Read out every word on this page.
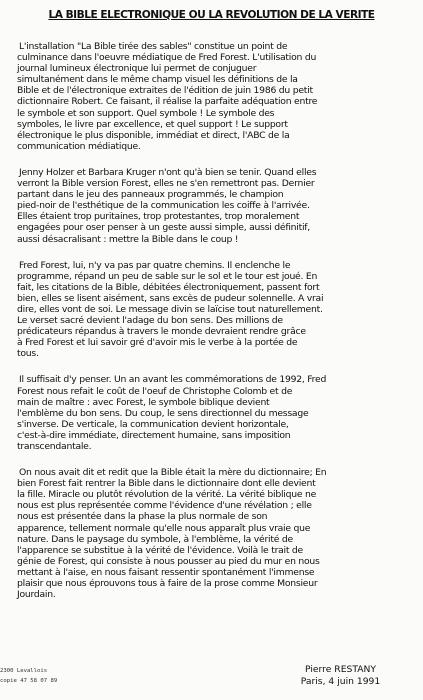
LA BIBLE ELECTRONIQUE OU LA REVOLUTION DE LA VERITE
L'installation "La Bible tirée des sables" constitue un point de
culminance dans l'oeuvre médiatique de Fred Forest. L'utilisation du
journal lumineux électronique lui permet de conjuguer
simultanément dans le même champ visuel les définitions de la
Bible et de l'électronique extraites de l'édition de juin 1986 du petit
dictionnaire Robert. Ce faisant, il réalise la parfaite adéquation entre
le symbole et son support. Quel symbole ! Le symbole des
symboles, le livre par excellence, et quel support ! Le support
électronique le plus disponible, immédiat et direct, l'ABC de la
communication médiatique.
Jenny Holzer et Barbara Kruger n'ont qu'à bien se tenir. Quand elles
verront la Bible version Forest, elles ne s'en remettront pas. Dernier
partant dans le jeu des panneaux programmés, le champion
pied-noir de l'esthétique de la communication les coiffe à l'arrivée.
Elles étaient trop puritaines, trop protestantes, trop moralement
engagées pour oser penser à un geste aussi simple, aussi définitif,
aussi désacralisant : mettre la Bible dans le coup !
Fred Forest, lui, n'y va pas par quatre chemins. Il enclenche le
programme, répand un peu de sable sur le sol et le tour est joué. En
fait, les citations de la Bible, débitées électroniquement, passent fort
bien, elles se lisent aisément, sans excès de pudeur solennelle. A vrai
dire, elles vont de soi. Le message divin se laïcise tout naturellement.
Le verset sacré devient l'adage du bon sens. Des millions de
prédicateurs répandus à travers le monde devraient rendre grâce
à Fred Forest et lui savoir gré d'avoir mis le verbe à la portée de
tous.
Il suffisait d'y penser. Un an avant les commémorations de 1992, Fred
Forest nous refait le coût de l'oeuf de Christophe Colomb et de
main de maître : avec Forest, le symbole biblique devient
l'emblème du bon sens. Du coup, le sens directionnel du message
s'inverse. De verticale, la communication devient horizontale,
c'est-à-dire immédiate, directement humaine, sans imposition
transcendantale.
On nous avait dit et redit que la Bible était la mère du dictionnaire; En
bien Forest fait rentrer la Bible dans le dictionnaire dont elle devient
la fille. Miracle ou plutôt révolution de la vérité. La vérité biblique ne
nous est plus représentée comme l'évidence d'une révélation ; elle
nous est présentée dans la phase la plus normale de son
apparence, tellement normale qu'elle nous apparaît plus vraie que
nature. Dans le paysage du symbole, à l'emblème, la vérité de
l'apparence se substitue à la vérité de l'évidence. Voilà le trait de
génie de Forest, qui consiste à nous pousser au pied du mur en nous
mettant à l'aise, en nous faisant ressentir spontanément l'immense
plaisir que nous éprouvons tous à faire de la prose comme Monsieur
Jourdain.
2300 Levallois
copie 47 58 07 89
Pierre RESTANY
Paris, 4 juin 1991
